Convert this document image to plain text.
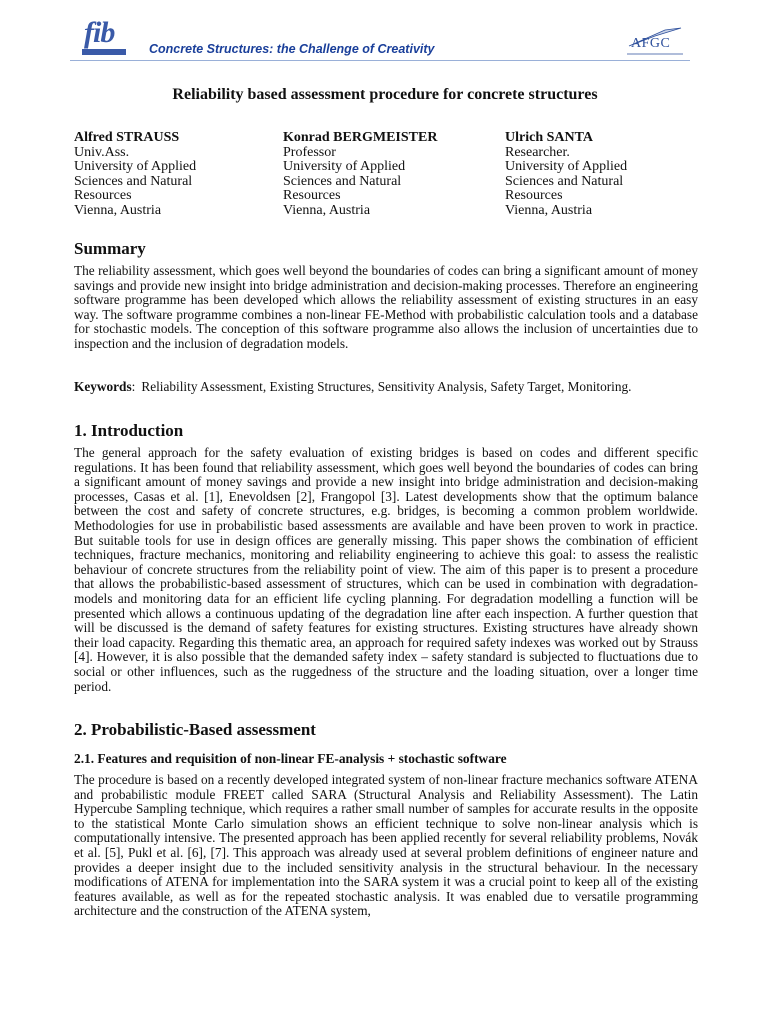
fib	Concrete Structures: the Challenge of Creativity	AFGC
Reliability based assessment procedure for concrete structures
Alfred STRAUSS
Univ.Ass.
University of Applied
Sciences and Natural
Resources
Vienna, Austria
Konrad BERGMEISTER
Professor
University of Applied
Sciences and Natural
Resources
Vienna, Austria
Ulrich SANTA
Researcher.
University of Applied
Sciences and Natural
Resources
Vienna, Austria
Summary

The reliability assessment, which goes well beyond the boundaries of codes can bring a significant amount of money savings and provide new insight into bridge administration and decision-making processes. Therefore an engineering software programme has been developed which allows the reliability assessment of existing structures in an easy way. The software programme combines a non-linear FE-Method with probabilistic calculation tools and a database for stochastic models. The conception of this software programme also allows the inclusion of uncertainties due to inspection and the inclusion of degradation models.

Keywords : Reliability Assessment, Existing Structures, Sensitivity Analysis, Safety Target, Monitoring.
1. Introduction

The general approach for the safety evaluation of existing bridges is based on codes and different specific regulations. It has been found that reliability assessment, which goes well beyond the boundaries of codes can bring a significant amount of money savings and provide a new insight into bridge administration and decision-making processes, Casas et al. [1], Enevoldsen [2], Frangopol [3]. Latest developments show that the optimum balance between the cost and safety of concrete structures, e.g. bridges, is becoming a common problem worldwide. Methodologies for use in probabilistic based assessments are available and have been proven to work in practice. But suitable tools for use in design offices are generally missing. This paper shows the combination of efficient techniques, fracture mechanics, monitoring and reliability engineering to achieve this goal: to assess the realistic behaviour of concrete structures from the reliability point of view. The aim of this paper is to present a procedure that allows the probabilistic-based assessment of structures, which can be used in combination with degradation-models and monitoring data for an efficient life cycling planning. For degradation modelling a function will be presented which allows a continuous updating of the degradation line after each inspection. A further question that will be discussed is the demand of safety features for existing structures. Existing structures have already shown their load capacity. Regarding this thematic area, an approach for required safety indexes was worked out by Strauss [4]. However, it is also possible that the demanded safety index – safety standard is subjected to fluctuations due to social or other influences, such as the ruggedness of the structure and the loading situation, over a longer time period.

2. Probabilistic-Based assessment
2.1. Features and requisition of non-linear FE-analysis + stochastic software

The procedure is based on a recently developed integrated system of non-linear fracture mechanics software ATENA and probabilistic module FREET called SARA (Structural Analysis and Reliability Assessment). The Latin Hypercube Sampling technique, which requires a rather small number of samples for accurate results in the opposite to the statistical Monte Carlo simulation shows an efficient technique to solve non-linear analysis which is computationally intensive. The presented approach has been applied recently for several reliability problems, Novák et al. [5], Pukl et al. [6], [7]. This approach was already used at several problem definitions of engineer nature and provides a deeper insight due to the included sensitivity analysis in the structural behaviour. In the necessary modifications of ATENA for implementation into the SARA system it was a crucial point to keep all of the existing features available, as well as for the repeated stochastic analysis. It was enabled due to versatile programming architecture and the construction of the ATENA system,
